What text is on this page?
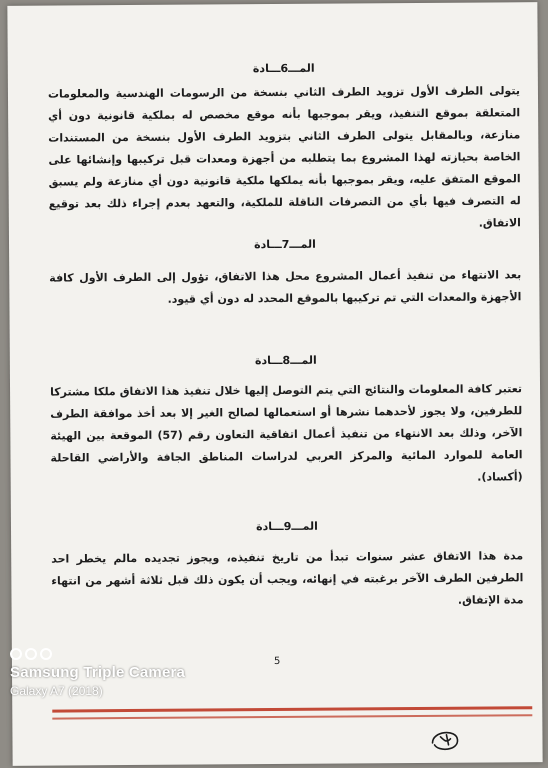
المـــ6ـــادة
يتولى الطرف الأول تزويد الطرف الثاني بنسخة من الرسومات الهندسية والمعلومات المتعلقة بموقع التنفيذ، ويقر بموجبها بأنه موقع مخصص له بملكية قانونية دون أي منازعة، وبالمقابل يتولى الطرف الثاني بتزويد الطرف الأول بنسخة من المستندات الخاصة بحيازته لهذا المشروع بما يتطلبه من أجهزة ومعدات قبل تركيبها وإنشائها على الموقع المتفق عليه، ويقر بموجبها بأنه يملكها ملكية قانونية دون أي منازعة ولم يسبق له التصرف فيها بأي من التصرفات الناقلة للملكية، والتعهد بعدم إجراء ذلك بعد توقيع الاتفاق.
المـــ7ـــادة
بعد الانتهاء من تنفيذ أعمال المشروع محل هذا الاتفاق، تؤول إلى الطرف الأول كافة الأجهزة والمعدات التي تم تركيبها بالموقع المحدد له دون أي قيود.
المـــ8ـــادة
تعتبر كافة المعلومات والنتائج التي يتم التوصل إليها خلال تنفيذ هذا الاتفاق ملكا مشتركا للطرفين، ولا يجوز لأحدهما نشرها أو استعمالها لصالح الغير إلا بعد أخذ موافقة الطرف الآخر، وذلك بعد الانتهاء من تنفيذ أعمال اتفاقية التعاون رقم (57) الموقعة بين الهيئة العامة للموارد المائية والمركز العربي لدراسات المناطق الجافة والأراضي القاحلة (أكساد).
المـــ9ـــادة
مدة هذا الاتفاق عشر سنوات تبدأ من تاريخ تنفيذه، ويجوز تجديده مالم يخطر احد الطرفين الطرف الآخر برغبته في إنهائه، ويجب أن يكون ذلك قبل ثلاثة أشهر من انتهاء مدة الإتفاق.
5
Samsung Triple Camera
Galaxy A7 (2018)
